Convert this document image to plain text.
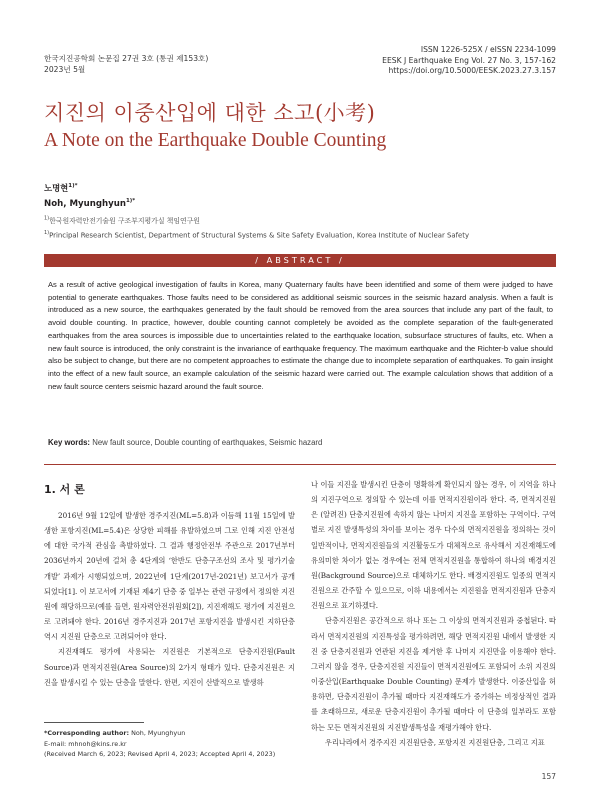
한국지진공학회 논문집 27권 3호 (통권 제153호)
2023년 5월
ISSN 1226-525X / eISSN 2234-1099
EESK J Earthquake Eng Vol. 27 No. 3, 157-162
https://doi.org/10.5000/EESK.2023.27.3.157
지진의 이중산입에 대한 소고(小考)
A Note on the Earthquake Double Counting
노명현$^{1)*}$
Noh, Myunghyun$^{1)*}$
$^{1)}$한국원자력안전기술원 구조부지평가실 책임연구원
$^{1)}$Principal Research Scientist, Department of Structural Systems & Site Safety Evaluation, Korea Institute of Nuclear Safety
/ ABSTRACT /
As a result of active geological investigation of faults in Korea, many Quaternary faults have been identified and some of them were judged to have potential to generate earthquakes. Those faults need to be considered as additional seismic sources in the seismic hazard analysis. When a fault is introduced as a new source, the earthquakes generated by the fault should be removed from the area sources that include any part of the fault, to avoid double counting. In practice, however, double counting cannot completely be avoided as the complete separation of the fault-generated earthquakes from the area sources is impossible due to uncertainties related to the earthquake location, subsurface structures of faults, etc. When a new fault source is introduced, the only constraint is the invariance of earthquake frequency. The maximum earthquake and the Richter-b value should also be subject to change, but there are no competent approaches to estimate the change due to incomplete separation of earthquakes. To gain insight into the effect of a new fault source, an example calculation of the seismic hazard were carried out. The example calculation shows that addition of a new fault source centers seismic hazard around the fault source.
Key words: New fault source, Double counting of earthquakes, Seismic hazard
1. 서 론

2016년 9월 12일에 발생한 경주지진(ML=5.8)과 이듬해 11월 15일에 발생한 포항지진(ML=5.4)은 상당한 피해를 유발하였으며 그로 인해 지진 안전성에 대한 국가적 관심을 촉발하였다. 그 결과 행정안전부 주관으로 2017년부터 2036년까지 20년에 걸쳐 총 4단계의 ‘한반도 단층구조선의 조사 및 평가기술 개발’ 과제가 시행되었으며, 2022년에 1단계(2017년-2021년) 보고서가 공개되었다[1]. 이 보고서에 기재된 제4기 단층 중 일부는 관련 규정에서 정의한 지진원에 해당하므로(예를 들면, 원자력안전위원회[2]), 지진재해도 평가에 지진원으로 고려돼야 한다. 2016년 경주지진과 2017년 포항지진을 발생시킨 지하단층 역시 지진원 단층으로 고려되어야 한다.

지진재해도 평가에 사용되는 지진원은 기본적으로 단층지진원(Fault Source)과 면적지진원(Area Source)의 2가지 형태가 있다. 단층지진원은 지진을 발생시킬 수 있는 단층을 말한다. 한편, 지진이 산발적으로 발생하

나 이들 지진을 발생시킨 단층이 명확하게 확인되지 않는 경우, 이 지역을 하나의 지진구역으로 정의할 수 있는데 이를 면적지진원이라 한다. 즉, 면적지진원은 (알려진) 단층지진원에 속하지 않는 나머지 지진을 포함하는 구역이다. 구역별로 지진 발생특성의 차이를 보이는 경우 다수의 면적지진원을 정의하는 것이 일반적이나, 면적지진원들의 지진활동도가 대체적으로 유사해서 지진재해도에 유의미한 차이가 없는 경우에는 전체 면적지진원을 통합하여 하나의 배경지진원(Background Source)으로 대체하기도 한다. 배경지진원도 일종의 면적지진원으로 간주할 수 있으므로, 이하 내용에서는 지진원을 면적지진원과 단층지진원으로 표기하겠다.

단층지진원은 공간적으로 하나 또는 그 이상의 면적지진원과 중첩된다. 따라서 면적지진원의 지진특성을 평가하려면, 해당 면적지진원 내에서 발생한 지진 중 단층지진원과 연관된 지진을 제거한 후 나머지 지진만을 이용해야 한다. 그러지 않을 경우, 단층지진원 지진들이 면적지진원에도 포함되어 소위 지진의 이중산입(Earthquake Double Counting) 문제가 발생한다. 이중산입을 허용하면, 단층지진원이 추가될 때마다 지진재해도가 증가하는 비정상적인 결과를 초래하므로, 새로운 단층지진원이 추가될 때마다 이 단층의 일부라도 포함하는 모든 면적지진원의 지진발생특성을 재평가해야 한다.

우리나라에서 경주지진 지진원단층, 포항지진 지진원단층, 그리고 지표

*Corresponding author: Noh, Myunghyun
E-mail: mhnoh@kins.re.kr
(Received March 6, 2023; Revised April 4, 2023; Accepted April 4, 2023)
157
